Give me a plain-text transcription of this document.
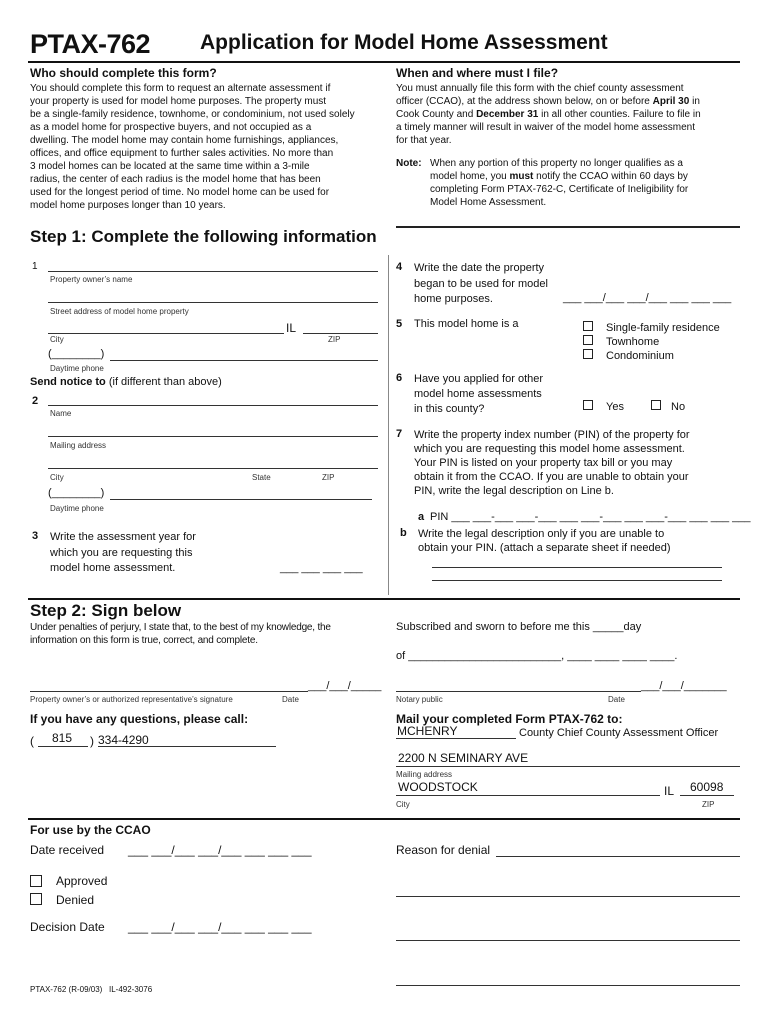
PTAX-762 Application for Model Home Assessment
Who should complete this form?
You should complete this form to request an alternate assessment if
your property is used for model home purposes. The property must
be a single-family residence, townhome, or condominium, not used solely
as a model home for prospective buyers, and not occupied as a
dwelling. The model home may contain home furnishings, appliances,
offices, and office equipment to further sales activities. No more than
3 model homes can be located at the same time within a 3-mile
radius, the center of each radius is the model home that has been
used for the longest period of time. No model home can be used for
model home purposes longer than 10 years.
When and where must I file?
You must annually file this form with the chief county assessment
officer (CCAO), at the address shown below, on or before April 30 in
Cook County and December 31 in all other counties. Failure to file in
a timely manner will result in waiver of the model home assessment
for that year.
Note: When any portion of this property no longer qualifies as a
model home, you must notify the CCAO within 60 days by
completing Form PTAX-762-C, Certificate of Ineligibility for
Model Home Assessment.
Step 1: Complete the following information
1
Property owner’s name
Street address of model home property
IL
City	ZIP
(________)
Daytime phone
Send notice to (if different than above)
2
Name
Mailing address
City	State	ZIP
(________)
Daytime phone
3 Write the assessment year for
which you are requesting this
model home assessment.	___ ___ ___ ___
4 Write the date the property
began to be used for model
home purposes.	___ ___/___ ___/___ ___ ___ ___
5 This model home is a	Single-family residence
Townhome
Condominium
6 Have you applied for other
model home assessments
in this county?	Yes	No
7 Write the property index number (PIN) of the property for
which you are requesting this model home assessment.
Your PIN is listed on your property tax bill or you may
obtain it from the CCAO. If you are unable to obtain your
PIN, write the legal description on Line b.
a PIN ___ ___-___ ___-___ ___ ___-___ ___ ___-___ ___ ___ ___
b Write the legal description only if you are unable to
obtain your PIN. (attach a separate sheet if needed)
Step 2: Sign below
Under penalties of perjury, I state that, to the best of my knowledge, the
information on this form is true, correct, and complete.
Subscribed and sworn to before me this _____day
of _________________________, ____ ____ ____ ____.
___/___/_____
Property owner’s or authorized representative’s signature	Date
___/___/_______
Notary public	Date
If you have any questions, please call:
( 815 ) 334-4290
Mail your completed Form PTAX-762 to:
MCHENRY	County Chief County Assessment Officer
2200 N SEMINARY AVE
Mailing address
WOODSTOCK	IL 60098
City	ZIP
For use by the CCAO
Date received ___ ___/___ ___/___ ___ ___ ___	Reason for denial
Approved
Denied
Decision Date ___ ___/___ ___/___ ___ ___ ___
PTAX-762 (R-09/03)   IL-492-3076
